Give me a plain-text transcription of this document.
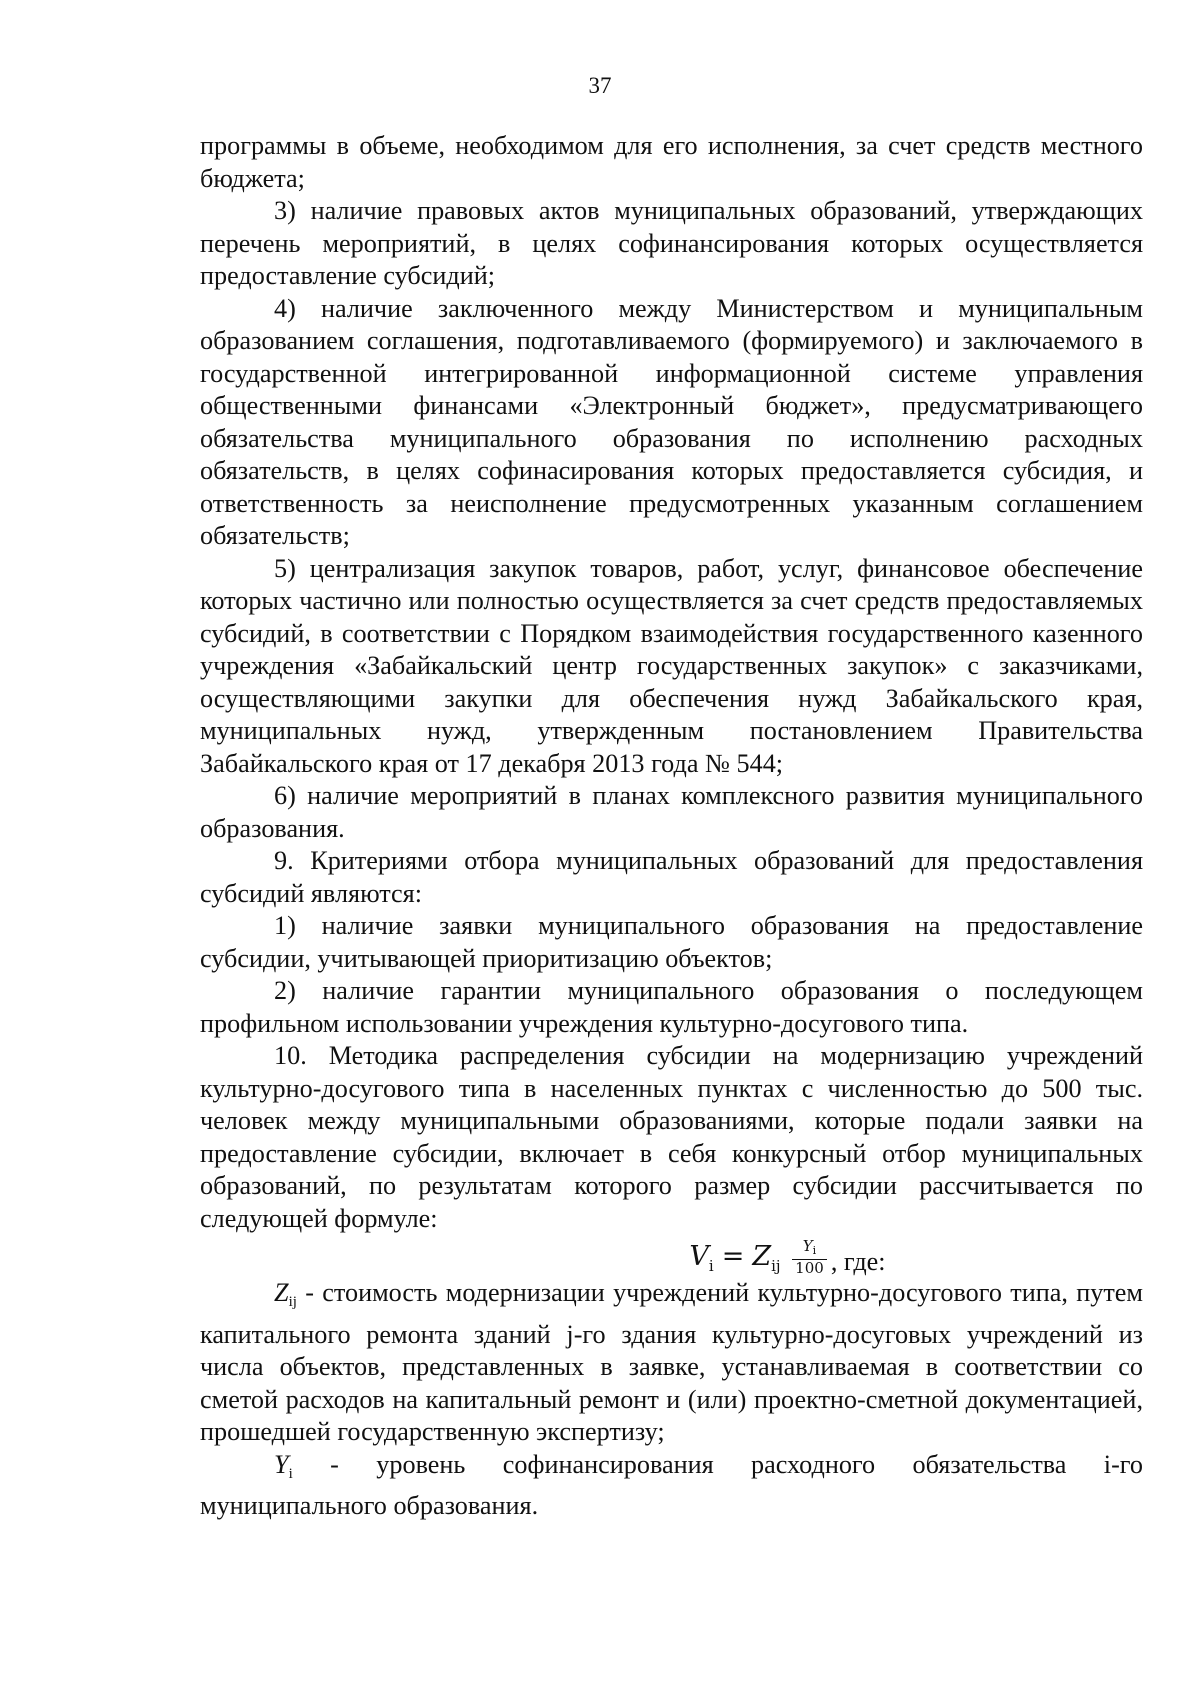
37

программы в объеме, необходимом для его исполнения, за счет средств местного бюджета;

3) наличие правовых актов муниципальных образований, утверждающих перечень мероприятий, в целях софинансирования которых осуществляется предоставление субсидий;

4) наличие заключенного между Министерством и муниципальным образованием соглашения, подготавливаемого (формируемого) и заключаемого в государственной интегрированной информационной системе управления общественными финансами «Электронный бюджет», предусматривающего обязательства муниципального образования по исполнению расходных обязательств, в целях софинасирования которых предоставляется субсидия, и ответственность за неисполнение предусмотренных указанным соглашением обязательств;

5) централизация закупок товаров, работ, услуг, финансовое обеспечение которых частично или полностью осуществляется за счет средств предоставляемых субсидий, в соответствии с Порядком взаимодействия государственного казенного учреждения «Забайкальский центр государственных закупок» с заказчиками, осуществляющими закупки для обеспечения нужд Забайкальского края, муниципальных нужд, утвержденным постановлением Правительства Забайкальского края от 17 декабря 2013 года № 544;

6) наличие мероприятий в планах комплексного развития муниципального образования.

9. Критериями отбора муниципальных образований для предоставления субсидий являются:

1) наличие заявки муниципального образования на предоставление субсидии, учитывающей приоритизацию объектов;

2) наличие гарантии муниципального образования о последующем профильном использовании учреждения культурно-досугового типа.

10. Методика распределения субсидии на модернизацию учреждений культурно-досугового типа в населенных пунктах с численностью до 500 тыс. человек между муниципальными образованиями, которые подали заявки на предоставление субсидии, включает в себя конкурсный отбор муниципальных образований, по результатам которого размер субсидии рассчитывается по следующей формуле:

$V_i = Z_{ij} \frac{Y_i}{100}$ , где:

Zij - стоимость модернизации учреждений культурно-досугового типа, путем капитального ремонта зданий j-го здания культурно-досуговых учреждений из числа объектов, представленных в заявке, устанавливаемая в соответствии со сметой расходов на капитальный ремонт и (или) проектно-сметной документацией, прошедшей государственную экспертизу;

Yi - уровень софинансирования расходного обязательства i-го муниципального образования.
